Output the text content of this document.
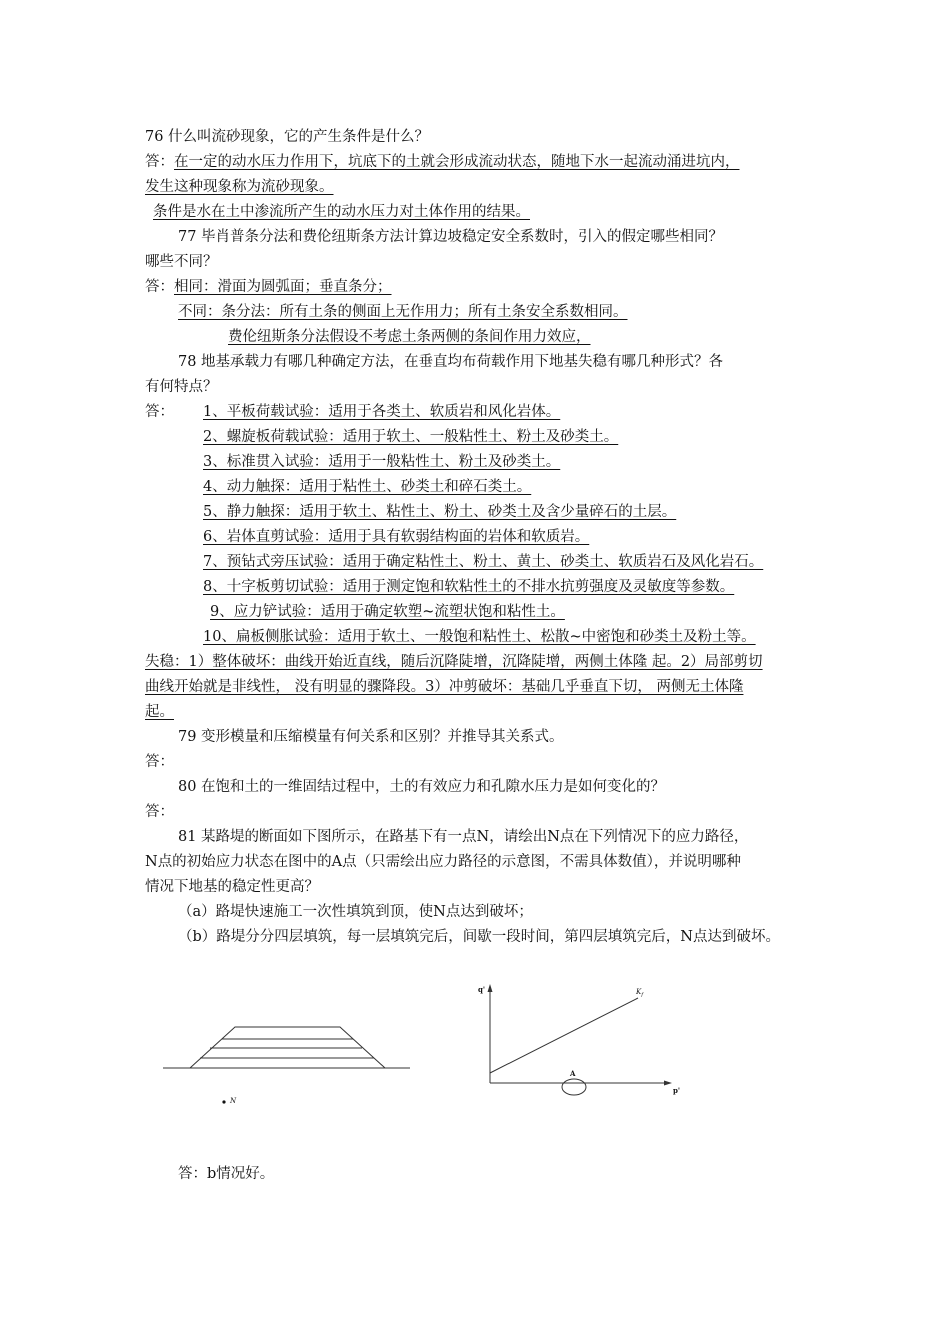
76 什么叫流砂现象，它的产生条件是什么？
答：在一定的动水压力作用下，坑底下的土就会形成流动状态，随地下水一起流动涌进坑内，
发生这种现象称为流砂现象。
条件是水在土中渗流所产生的动水压力对土体作用的结果。
77 毕肖普条分法和费伦纽斯条方法计算边坡稳定安全系数时，引入的假定哪些相同？
哪些不同？
答：相同：滑面为圆弧面；垂直条分；
不同：条分法：所有土条的侧面上无作用力；所有土条安全系数相同。
费伦纽斯条分法假设不考虑土条两侧的条间作用力效应，
78 地基承载力有哪几种确定方法，在垂直均布荷载作用下地基失稳有哪几种形式？各
有何特点？
答： 1、平板荷载试验：适用于各类土、软质岩和风化岩体。
2、螺旋板荷载试验：适用于软土、一般粘性土、粉土及砂类土。
3、标准贯入试验：适用于一般粘性土、粉土及砂类土。
4、动力触探：适用于粘性土、砂类土和碎石类土。
5、静力触探：适用于软土、粘性土、粉土、砂类土及含少量碎石的土层。
6、岩体直剪试验：适用于具有软弱结构面的岩体和软质岩。
7、预钻式旁压试验：适用于确定粘性土、粉土、黄土、砂类土、软质岩石及风化岩石。
8、十字板剪切试验：适用于测定饱和软粘性土的不排水抗剪强度及灵敏度等参数。
9、应力铲试验：适用于确定软塑~流塑状饱和粘性土。
10、扁板侧胀试验：适用于软土、一般饱和粘性土、松散~中密饱和砂类土及粉土等。
失稳：1）整体破坏：曲线开始近直线，随后沉降陡增，沉降陡增，两侧土体隆 起。2）局部剪切
曲线开始就是非线性， 没有明显的骤降段。3）冲剪破坏：基础几乎垂直下切， 两侧无土体隆
起。
79 变形模量和压缩模量有何关系和区别？并推导其关系式。
答：
80 在饱和土的一维固结过程中，土的有效应力和孔隙水压力是如何变化的？
答：
81 某路堤的断面如下图所示，在路基下有一点N，请绘出N点在下列情况下的应力路径，
N点的初始应力状态在图中的A点（只需绘出应力路径的示意图，不需具体数值），并说明哪种
情况下地基的稳定性更高？
（a）路堤快速施工一次性填筑到顶，使N点达到破坏；
（b）路堤分分四层填筑，每一层填筑完后，间歇一段时间，第四层填筑完后，N点达到破坏。
N
q'
p'
$K_f$
A
答：b情况好。
